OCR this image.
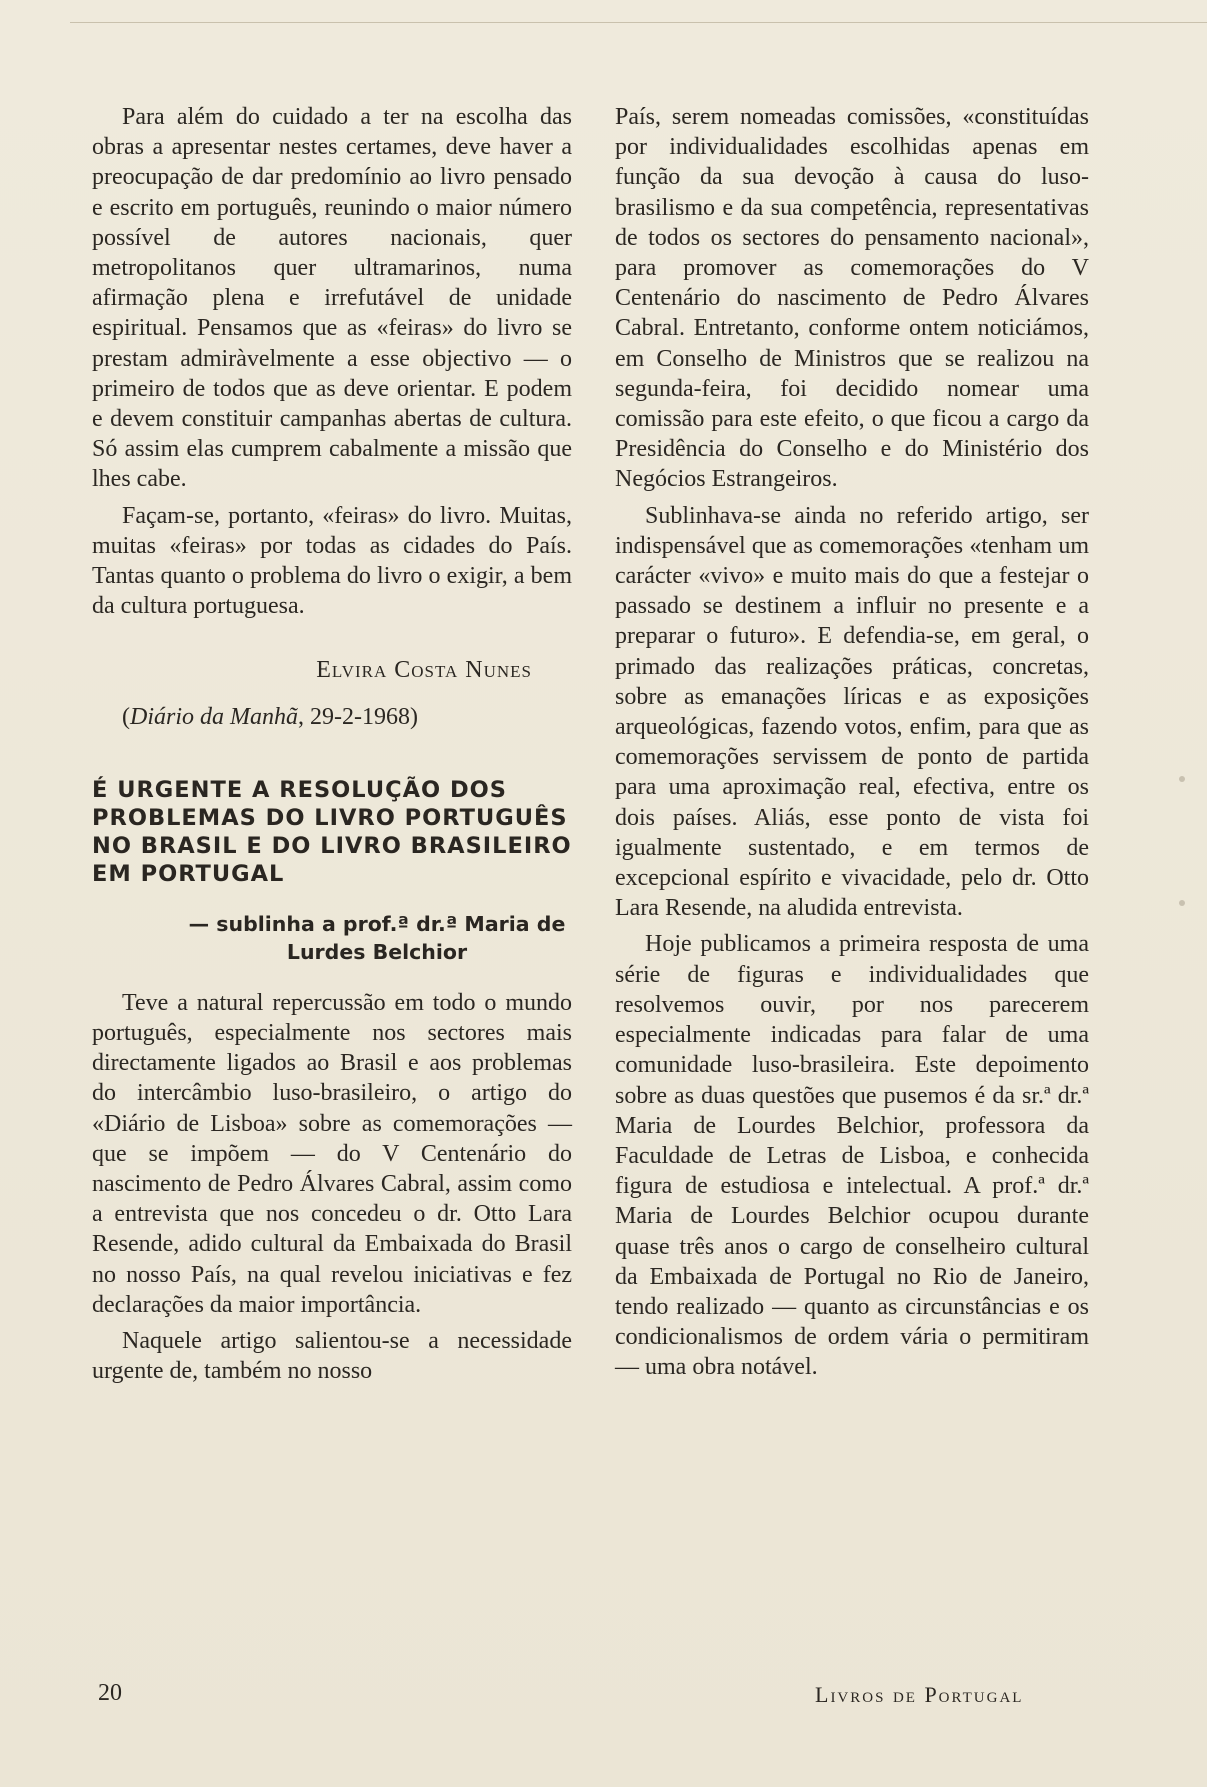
Para além do cuidado a ter na escolha das obras a apresentar nestes certames, deve haver a preocupação de dar predomínio ao livro pensado e escrito em português, reunindo o maior número possível de autores nacionais, quer metropolitanos quer ultramarinos, numa afirmação plena e irrefutável de unidade espiritual. Pensamos que as «feiras» do livro se prestam admiràvelmente a esse objectivo — o primeiro de todos que as deve orientar. E podem e devem constituir campanhas abertas de cultura. Só assim elas cumprem cabalmente a missão que lhes cabe.

Façam-se, portanto, «feiras» do livro. Muitas, muitas «feiras» por todas as cidades do País. Tantas quanto o problema do livro o exigir, a bem da cultura portuguesa.

Elvira Costa Nunes

(Diário da Manhã, 29-2-1968)

É URGENTE A RESOLUÇÃO DOS PROBLEMAS DO LIVRO PORTUGUÊS NO BRASIL E DO LIVRO BRASILEIRO EM PORTUGAL

— sublinha a prof.ª dr.ª Maria de Lurdes Belchior

Teve a natural repercussão em todo o mundo português, especialmente nos sectores mais directamente ligados ao Brasil e aos problemas do intercâmbio luso-brasileiro, o artigo do «Diário de Lisboa» sobre as comemorações — que se impõem — do V Centenário do nascimento de Pedro Álvares Cabral, assim como a entrevista que nos concedeu o dr. Otto Lara Resende, adido cultural da Embaixada do Brasil no nosso País, na qual revelou iniciativas e fez declarações da maior importância.

Naquele artigo salientou-se a necessidade urgente de, também no nosso

País, serem nomeadas comissões, «constituídas por individualidades escolhidas apenas em função da sua devoção à causa do luso-brasilismo e da sua competência, representativas de todos os sectores do pensamento nacional», para promover as comemorações do V Centenário do nascimento de Pedro Álvares Cabral. Entretanto, conforme ontem noticiámos, em Conselho de Ministros que se realizou na segunda-feira, foi decidido nomear uma comissão para este efeito, o que ficou a cargo da Presidência do Conselho e do Ministério dos Negócios Estrangeiros.

Sublinhava-se ainda no referido artigo, ser indispensável que as comemorações «tenham um carácter «vivo» e muito mais do que a festejar o passado se destinem a influir no presente e a preparar o futuro». E defendia-se, em geral, o primado das realizações práticas, concretas, sobre as emanações líricas e as exposições arqueológicas, fazendo votos, enfim, para que as comemorações servissem de ponto de partida para uma aproximação real, efectiva, entre os dois países. Aliás, esse ponto de vista foi igualmente sustentado, e em termos de excepcional espírito e vivacidade, pelo dr. Otto Lara Resende, na aludida entrevista.

Hoje publicamos a primeira resposta de uma série de figuras e individualidades que resolvemos ouvir, por nos parecerem especialmente indicadas para falar de uma comunidade luso-brasileira. Este depoimento sobre as duas questões que pusemos é da sr.ª dr.ª Maria de Lourdes Belchior, professora da Faculdade de Letras de Lisboa, e conhecida figura de estudiosa e intelectual. A prof.ª dr.ª Maria de Lourdes Belchior ocupou durante quase três anos o cargo de conselheiro cultural da Embaixada de Portugal no Rio de Janeiro, tendo realizado — quanto as circunstâncias e os condicionalismos de ordem vária o permitiram — uma obra notável.

20	Livros de Portugal
